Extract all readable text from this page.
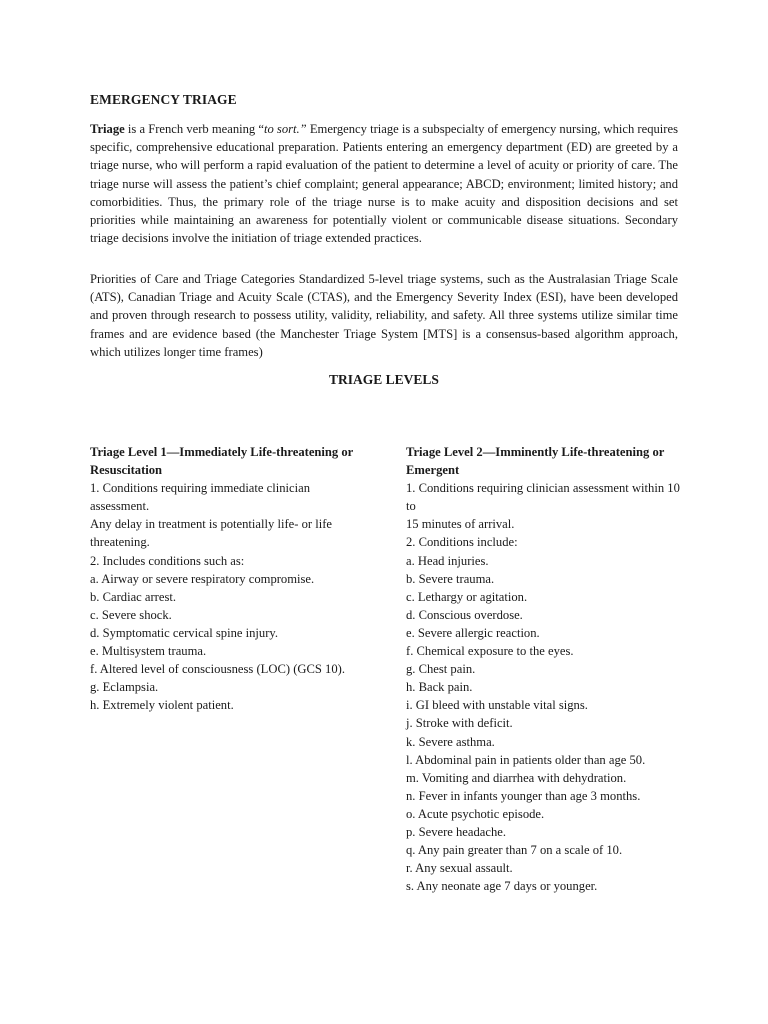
EMERGENCY TRIAGE

Triage is a French verb meaning “to sort.” Emergency triage is a subspecialty of emergency nursing, which requires specific, comprehensive educational preparation. Patients entering an emergency department (ED) are greeted by a triage nurse, who will perform a rapid evaluation of the patient to determine a level of acuity or priority of care. The triage nurse will assess the patient’s chief complaint; general appearance; ABCD; environment; limited history; and comorbidities. Thus, the primary role of the triage nurse is to make acuity and disposition decisions and set priorities while maintaining an awareness for potentially violent or communicable disease situations. Secondary triage decisions involve the initiation of triage extended practices.

Priorities of Care and Triage Categories Standardized 5-level triage systems, such as the Australasian Triage Scale (ATS), Canadian Triage and Acuity Scale (CTAS), and the Emergency Severity Index (ESI), have been developed and proven through research to possess utility, validity, reliability, and safety. All three systems utilize similar time frames and are evidence based (the Manchester Triage System [MTS] is a consensus-based algorithm approach, which utilizes longer time frames)

TRIAGE LEVELS
Triage Level 1—Immediately Life-threatening or Resuscitation
1. Conditions requiring immediate clinician assessment.
Any delay in treatment is potentially life- or life threatening.
2. Includes conditions such as:
a. Airway or severe respiratory compromise.
b. Cardiac arrest.
c. Severe shock.
d. Symptomatic cervical spine injury.
e. Multisystem trauma.
f. Altered level of consciousness (LOC) (GCS 10).
g. Eclampsia.
h. Extremely violent patient.
Triage Level 2—Imminently Life-threatening or Emergent
1. Conditions requiring clinician assessment within 10 to
15 minutes of arrival.
2. Conditions include:
a. Head injuries.
b. Severe trauma.
c. Lethargy or agitation.
d. Conscious overdose.
e. Severe allergic reaction.
f. Chemical exposure to the eyes.
g. Chest pain.
h. Back pain.
i. GI bleed with unstable vital signs.
j. Stroke with deficit.
k. Severe asthma.
l. Abdominal pain in patients older than age 50.
m. Vomiting and diarrhea with dehydration.
n. Fever in infants younger than age 3 months.
o. Acute psychotic episode.
p. Severe headache.
q. Any pain greater than 7 on a scale of 10.
r. Any sexual assault.
s. Any neonate age 7 days or younger.
